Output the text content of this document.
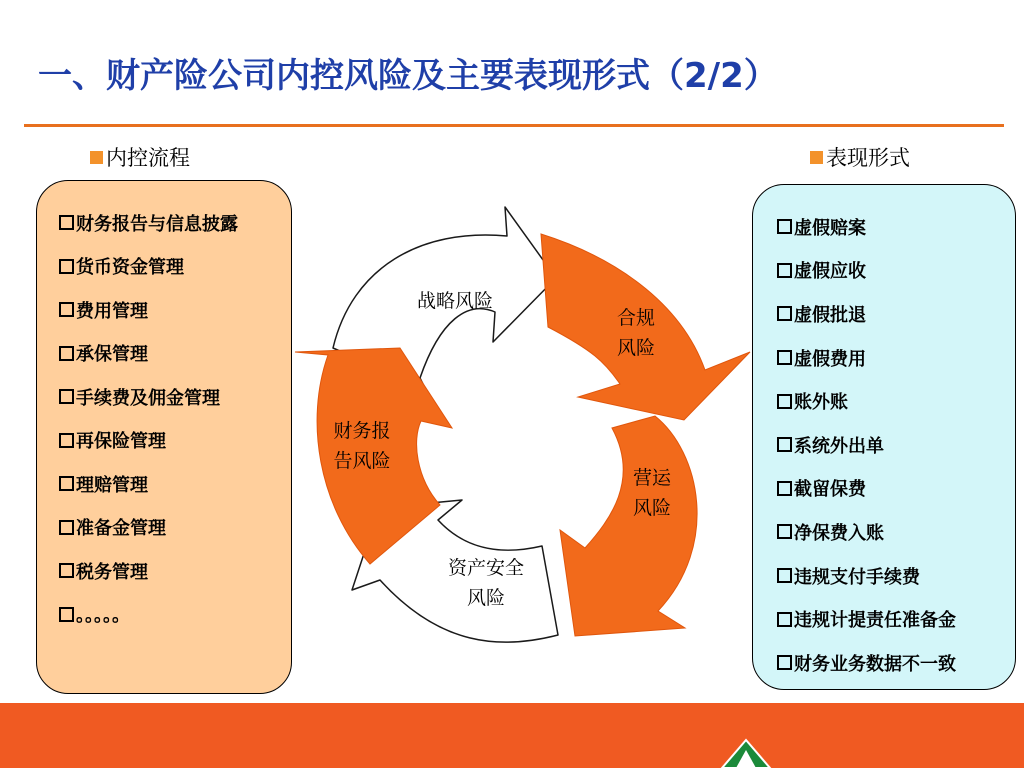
一、财产险公司内控风险及主要表现形式（2/2）
内控流程	表现形式
财务报告与信息披露
货币资金管理
费用管理
承保管理
手续费及佣金管理
再保险管理
理赔管理
准备金管理
税务管理
。。。。。
虚假赔案
虚假应收
虚假批退
虚假费用
账外账
系统外出单
截留保费
净保费入账
违规支付手续费
违规计提责任准备金
财务业务数据不一致
战略风险
合规
风险
营运
风险
资产安全
风险
财务报
告风险
